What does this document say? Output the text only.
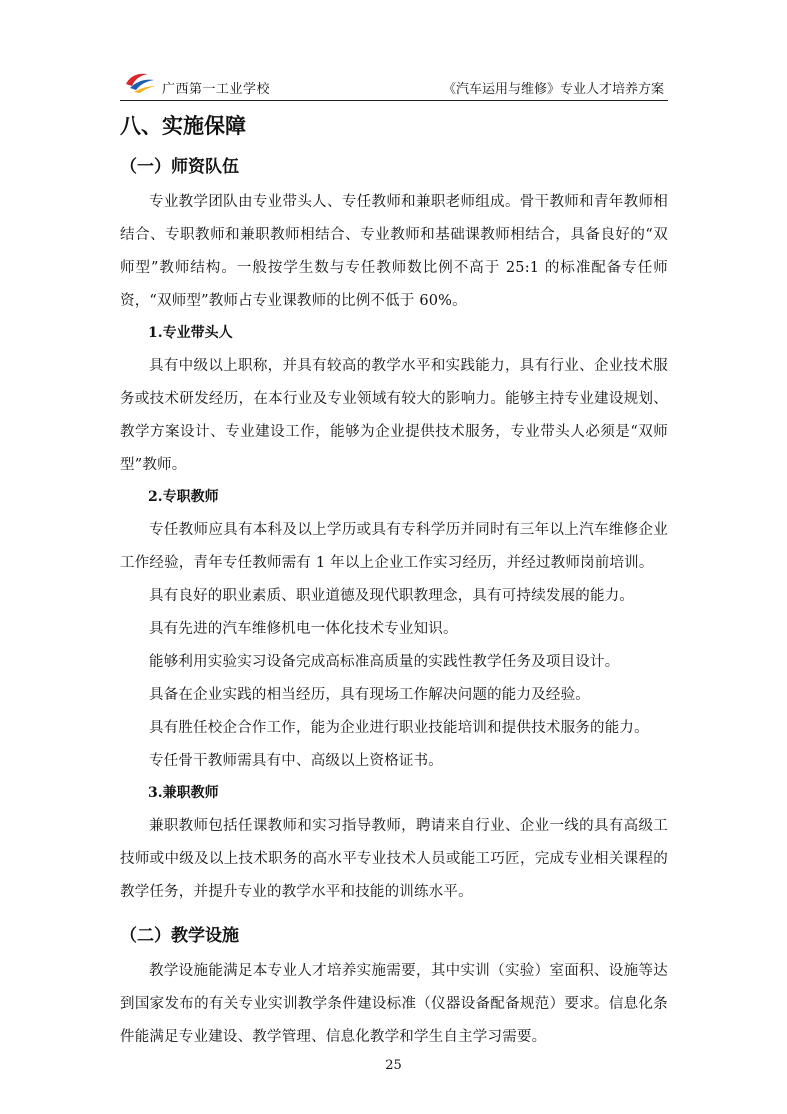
广西第一工业学校	《汽车运用与维修》专业人才培养方案
八、实施保障
（一）师资队伍

专业教学团队由专业带头人、专任教师和兼职老师组成。骨干教师和青年教师相结合、专职教师和兼职教师相结合、专业教师和基础课教师相结合，具备良好的“双师型”教师结构。一般按学生数与专任教师数比例不高于 25:1 的标准配备专任师资，“双师型”教师占专业课教师的比例不低于 60%。

1.专业带头人

具有中级以上职称，并具有较高的教学水平和实践能力，具有行业、企业技术服务或技术研发经历，在本行业及专业领域有较大的影响力。能够主持专业建设规划、教学方案设计、专业建设工作，能够为企业提供技术服务，专业带头人必须是“双师型”教师。

2.专职教师

专任教师应具有本科及以上学历或具有专科学历并同时有三年以上汽车维修企业工作经验，青年专任教师需有 1 年以上企业工作实习经历，并经过教师岗前培训。

具有良好的职业素质、职业道德及现代职教理念，具有可持续发展的能力。

具有先进的汽车维修机电一体化技术专业知识。

能够利用实验实习设备完成高标准高质量的实践性教学任务及项目设计。

具备在企业实践的相当经历，具有现场工作解决问题的能力及经验。

具有胜任校企合作工作，能为企业进行职业技能培训和提供技术服务的能力。

专任骨干教师需具有中、高级以上资格证书。

3.兼职教师

兼职教师包括任课教师和实习指导教师，聘请来自行业、企业一线的具有高级工技师或中级及以上技术职务的高水平专业技术人员或能工巧匠，完成专业相关课程的教学任务，并提升专业的教学水平和技能的训练水平。

（二）教学设施

教学设施能满足本专业人才培养实施需要，其中实训（实验）室面积、设施等达到国家发布的有关专业实训教学条件建设标准（仪器设备配备规范）要求。信息化条件能满足专业建设、教学管理、信息化教学和学生自主学习需要。

25
